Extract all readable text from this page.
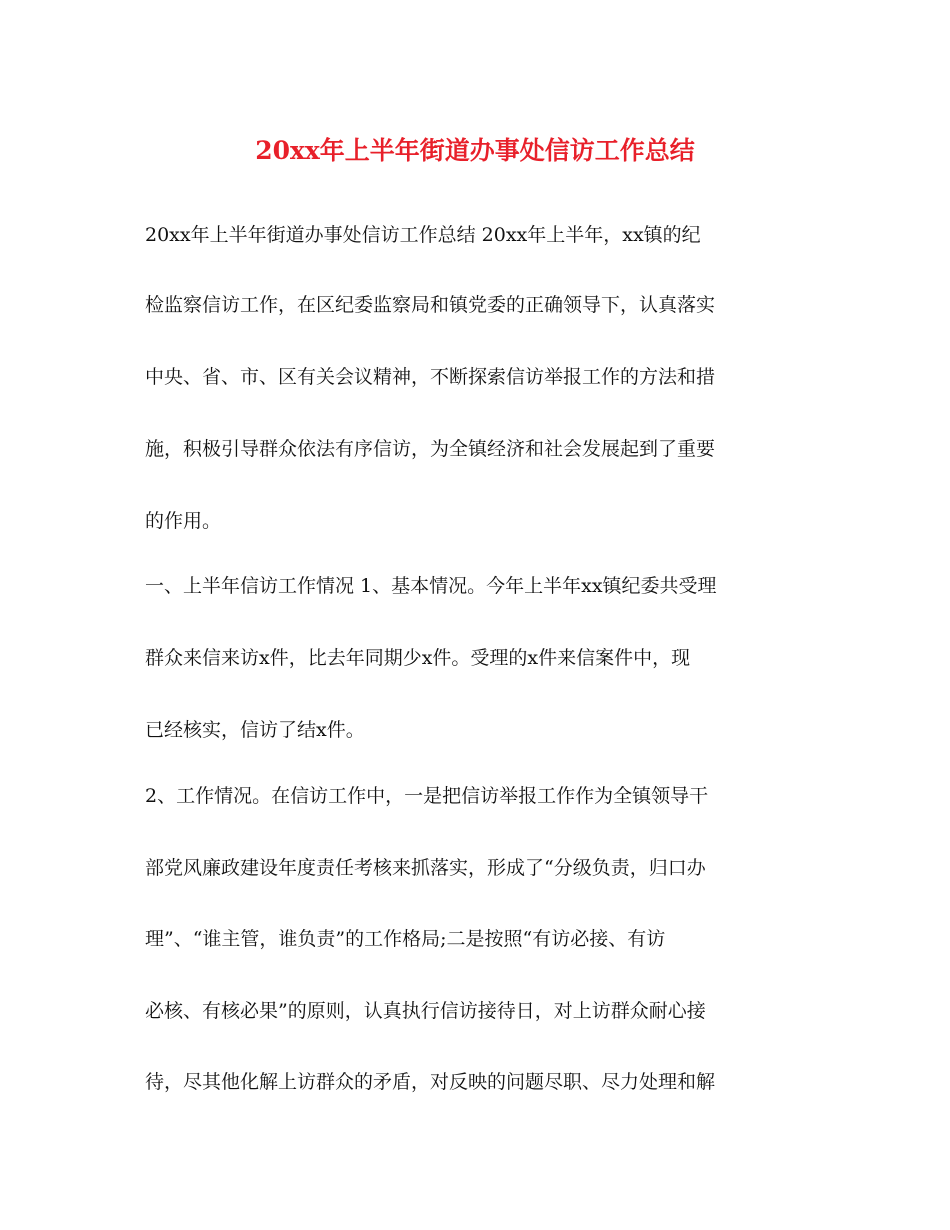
20xx年上半年街道办事处信访工作总结
20xx年上半年街道办事处信访工作总结 20xx年上半年，xx镇的纪
检监察信访工作，在区纪委监察局和镇党委的正确领导下，认真落实
中央、省、市、区有关会议精神，不断探索信访举报工作的方法和措
施，积极引导群众依法有序信访，为全镇经济和社会发展起到了重要
的作用。
一、上半年信访工作情况 1、基本情况。今年上半年xx镇纪委共受理
群众来信来访x件，比去年同期少x件。受理的x件来信案件中，现
已经核实，信访了结x件。
2、工作情况。在信访工作中，一是把信访举报工作作为全镇领导干
部党风廉政建设年度责任考核来抓落实，形成了“分级负责，归口办
理”、“谁主管，谁负责”的工作格局;二是按照“有访必接、有访
必核、有核必果”的原则，认真执行信访接待日，对上访群众耐心接
待，尽其他化解上访群众的矛盾，对反映的问题尽职、尽力处理和解
